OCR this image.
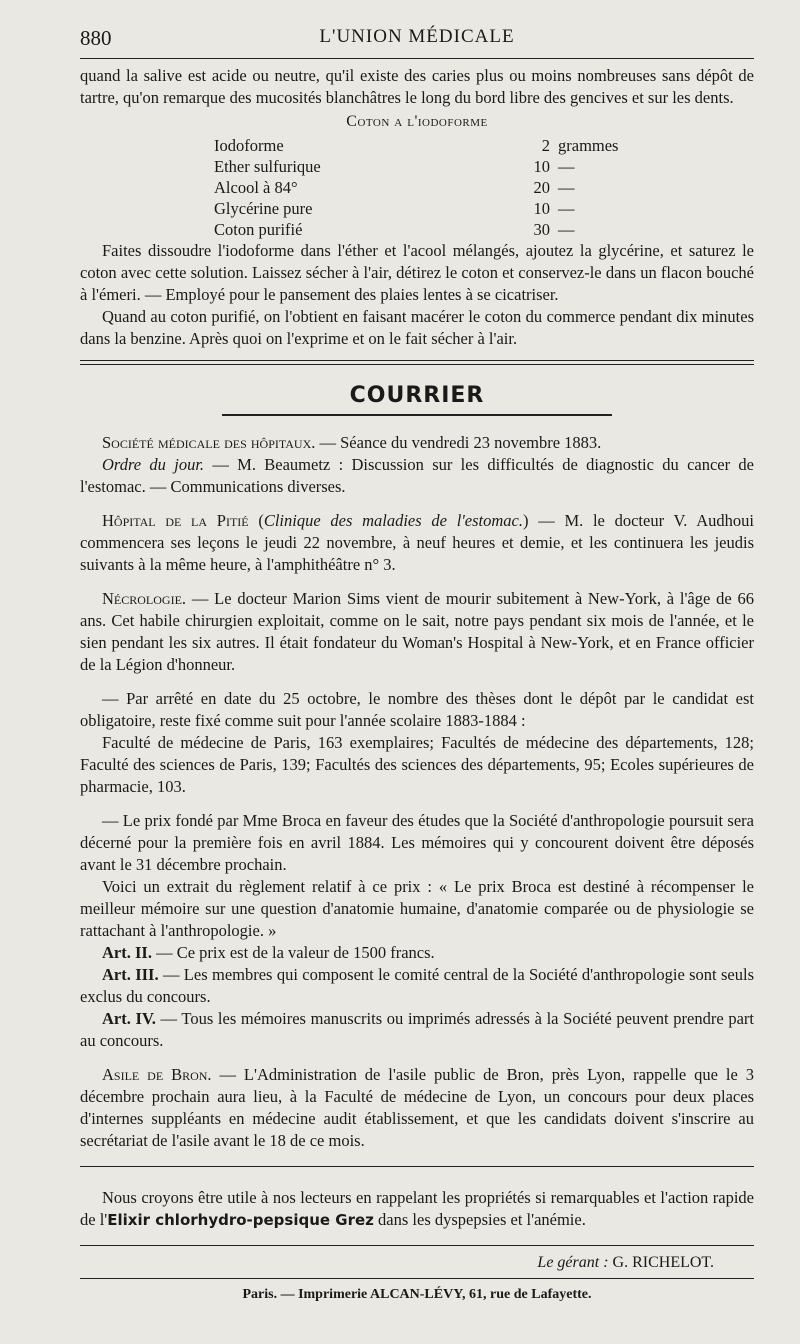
880	L'UNION MÉDICALE

quand la salive est acide ou neutre, qu'il existe des caries plus ou moins nombreuses sans dépôt de tartre, qu'on remarque des mucosités blanchâtres le long du bord libre des gencives et sur les dents.

Coton a l'iodoforme
Iodoforme	2	grammes
Ether sulfurique	10	—
Alcool à 84°	20	—
Glycérine pure	10	—
Coton purifié	30	—

Faites dissoudre l'iodoforme dans l'éther et l'acool mélangés, ajoutez la glycérine, et saturez le coton avec cette solution. Laissez sécher à l'air, détirez le coton et conservez-le dans un flacon bouché à l'émeri. — Employé pour le pansement des plaies lentes à se cicatriser.

Quand au coton purifié, on l'obtient en faisant macérer le coton du commerce pendant dix minutes dans la benzine. Après quoi on l'exprime et on le fait sécher à l'air.

COURRIER

Société médicale des hôpitaux. — Séance du vendredi 23 novembre 1883.

Ordre du jour. — M. Beaumetz : Discussion sur les difficultés de diagnostic du cancer de l'estomac. — Communications diverses.

Hôpital de la Pitié (Clinique des maladies de l'estomac.) — M. le docteur V. Audhoui commencera ses leçons le jeudi 22 novembre, à neuf heures et demie, et les continuera les jeudis suivants à la même heure, à l'amphithéâtre n° 3.

Nécrologie. — Le docteur Marion Sims vient de mourir subitement à New-York, à l'âge de 66 ans. Cet habile chirurgien exploitait, comme on le sait, notre pays pendant six mois de l'année, et le sien pendant les six autres. Il était fondateur du Woman's Hospital à New-York, et en France officier de la Légion d'honneur.

— Par arrêté en date du 25 octobre, le nombre des thèses dont le dépôt par le candidat est obligatoire, reste fixé comme suit pour l'année scolaire 1883-1884 :

Faculté de médecine de Paris, 163 exemplaires; Facultés de médecine des départements, 128; Faculté des sciences de Paris, 139; Facultés des sciences des départements, 95; Ecoles supérieures de pharmacie, 103.

— Le prix fondé par Mme Broca en faveur des études que la Société d'anthropologie poursuit sera décerné pour la première fois en avril 1884. Les mémoires qui y concourent doivent être déposés avant le 31 décembre prochain.

Voici un extrait du règlement relatif à ce prix : « Le prix Broca est destiné à récompenser le meilleur mémoire sur une question d'anatomie humaine, d'anatomie comparée ou de physiologie se rattachant à l'anthropologie. »

Art. II. — Ce prix est de la valeur de 1500 francs.

Art. III. — Les membres qui composent le comité central de la Société d'anthropologie sont seuls exclus du concours.

Art. IV. — Tous les mémoires manuscrits ou imprimés adressés à la Société peuvent prendre part au concours.

Asile de Bron. — L'Administration de l'asile public de Bron, près Lyon, rappelle que le 3 décembre prochain aura lieu, à la Faculté de médecine de Lyon, un concours pour deux places d'internes suppléants en médecine audit établissement, et que les candidats doivent s'inscrire au secrétariat de l'asile avant le 18 de ce mois.

Nous croyons être utile à nos lecteurs en rappelant les propriétés si remarquables et l'action rapide de l'Elixir chlorhydro-pepsique Grez dans les dyspepsies et l'anémie.

Le gérant : G. RICHELOT.
Paris. — Imprimerie ALCAN-LÉVY, 61, rue de Lafayette.
